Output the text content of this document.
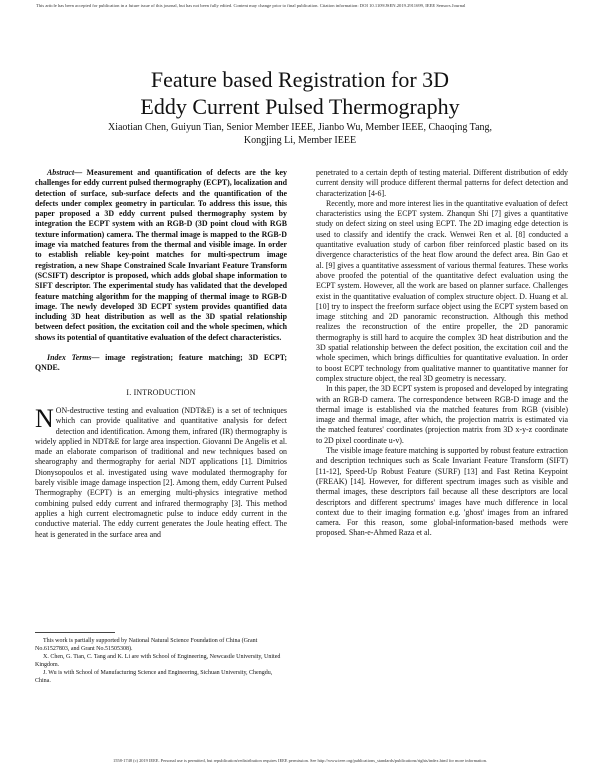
This article has been accepted for publication in a future issue of this journal, but has not been fully edited. Content may change prior to final publication. Citation information: DOI 10.1109/JSEN.2019.2911699, IEEE Sensors Journal
Feature based Registration for 3D
Eddy Current Pulsed Thermography
Xiaotian Chen, Guiyun Tian, Senior Member IEEE, Jianbo Wu, Member IEEE, Chaoqing Tang,
Kongjing Li, Member IEEE

Abstract— Measurement and quantification of defects are the key challenges for eddy current pulsed thermography (ECPT), localization and detection of surface, sub-surface defects and the quantification of the defects under complex geometry in particular. To address this issue, this paper proposed a 3D eddy current pulsed thermography system by integration the ECPT system with an RGB-D (3D point cloud with RGB texture information) camera. The thermal image is mapped to the RGB-D image via matched features from the thermal and visible image. In order to establish reliable key-point matches for multi-spectrum image registration, a new Shape Constrained Scale Invariant Feature Transform (SCSIFT) descriptor is proposed, which adds global shape information to SIFT descriptor. The experimental study has validated that the developed feature matching algorithm for the mapping of thermal image to RGB-D image. The newly developed 3D ECPT system provides quantified data including 3D heat distribution as well as the 3D spatial relationship between defect position, the excitation coil and the whole specimen, which shows its potential of quantitative evaluation of the defect characteristics.

Index Terms— image registration; feature matching; 3D ECPT; QNDE.

I. INTRODUCTION

NON-destructive testing and evaluation (NDT&E) is a set of techniques which can provide qualitative and quantitative analysis for defect detection and identification. Among them, infrared (IR) thermography is widely applied in NDT&E for large area inspection. Giovanni De Angelis et al. made an elaborate comparison of traditional and new techniques based on shearography and thermography for aerial NDT applications [1]. Dimitrios Dionysopoulos et al. investigated using wave modulated thermography for barely visible image damage inspection [2]. Among them, eddy Current Pulsed Thermography (ECPT) is an emerging multi-physics integrative method combining pulsed eddy current and infrared thermography [3]. This method applies a high current electromagnetic pulse to induce eddy current in the conductive material. The eddy current generates the Joule heating effect. The heat is generated in the surface area and

This work is partially supported by National Natural Science Foundation of China (Grant No.61527803, and Grant No.51505308).

X. Chen, G. Tian, C. Tang and K. Li are with School of Engineering, Newcastle University, United Kingdom.

J. Wu is with School of Manufacturing Science and Engineering, Sichuan University, Chengdu, China.

penetrated to a certain depth of testing material. Different distribution of eddy current density will produce different thermal patterns for defect detection and characterization [4-6].

Recently, more and more interest lies in the quantitative evaluation of defect characteristics using the ECPT system. Zhanqun Shi [7] gives a quantitative study on defect sizing on steel using ECPT. The 2D imaging edge detection is used to classify and identify the crack. Wenwei Ren et al. [8] conducted a quantitative evaluation study of carbon fiber reinforced plastic based on its divergence characteristics of the heat flow around the defect area. Bin Gao et al. [9] gives a quantitative assessment of various thermal features. These works above proofed the potential of the quantitative defect evaluation using the ECPT system. However, all the work are based on planner surface. Challenges exist in the quantitative evaluation of complex structure object. D. Huang et al. [10] try to inspect the freeform surface object using the ECPT system based on image stitching and 2D panoramic reconstruction. Although this method realizes the reconstruction of the entire propeller, the 2D panoramic thermography is still hard to acquire the complex 3D heat distribution and the 3D spatial relationship between the defect position, the excitation coil and the whole specimen, which brings difficulties for quantitative evaluation. In order to boost ECPT technology from qualitative manner to quantitative manner for complex structure object, the real 3D geometry is necessary.

In this paper, the 3D ECPT system is proposed and developed by integrating with an RGB-D camera. The correspondence between RGB-D image and the thermal image is established via the matched features from RGB (visible) image and thermal image, after which, the projection matrix is estimated via the matched features' coordinates (projection matrix from 3D x-y-z coordinate to 2D pixel coordinate u-v).

The visible image feature matching is supported by robust feature extraction and description techniques such as Scale Invariant Feature Transform (SIFT) [11-12], Speed-Up Robust Feature (SURF) [13] and Fast Retina Keypoint (FREAK) [14]. However, for different spectrum images such as visible and thermal images, these descriptors fail because all these descriptors are local descriptors and different spectrums' images have much difference in local context due to their imaging formation e.g. 'ghost' images from an infrared camera. For this reason, some global-information-based methods were proposed. Shan-e-Ahmed Raza et al.

1558-1748 (c) 2019 IEEE. Personal use is permitted, but republication/redistribution requires IEEE permission. See http://www.ieee.org/publications_standards/publications/rights/index.html for more information.
